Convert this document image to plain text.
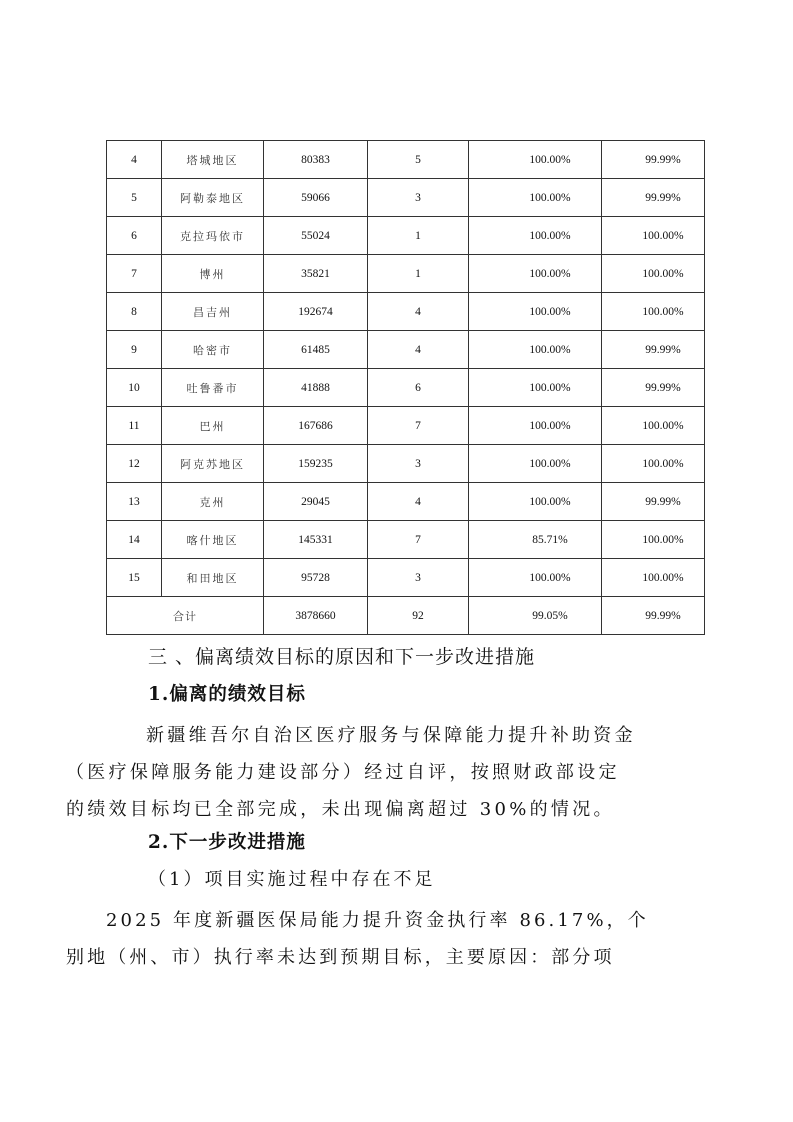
4	塔城地区	80383	5	100.00%	99.99%
5	阿勒泰地区	59066	3	100.00%	99.99%
6	克拉玛依市	55024	1	100.00%	100.00%
7	博州	35821	1	100.00%	100.00%
8	昌吉州	192674	4	100.00%	100.00%
9	哈密市	61485	4	100.00%	99.99%
10	吐鲁番市	41888	6	100.00%	99.99%
11	巴州	167686	7	100.00%	100.00%
12	阿克苏地区	159235	3	100.00%	100.00%
13	克州	29045	4	100.00%	99.99%
14	喀什地区	145331	7	85.71%	100.00%
15	和田地区	95728	3	100.00%	100.00%
合计		3878660	92	99.05%	99.99%
三 、偏离绩效目标的原因和下一步改进措施
1.偏离的绩效目标
新疆维吾尔自治区医疗服务与保障能力提升补助资金
（医疗保障服务能力建设部分）经过自评，按照财政部设定
的绩效目标均已全部完成，未出现偏离超过 30%的情况。
2.下一步改进措施
（1）项目实施过程中存在不足
2025 年度新疆医保局能力提升资金执行率 86.17%，个
别地（州、市）执行率未达到预期目标，主要原因：部分项
